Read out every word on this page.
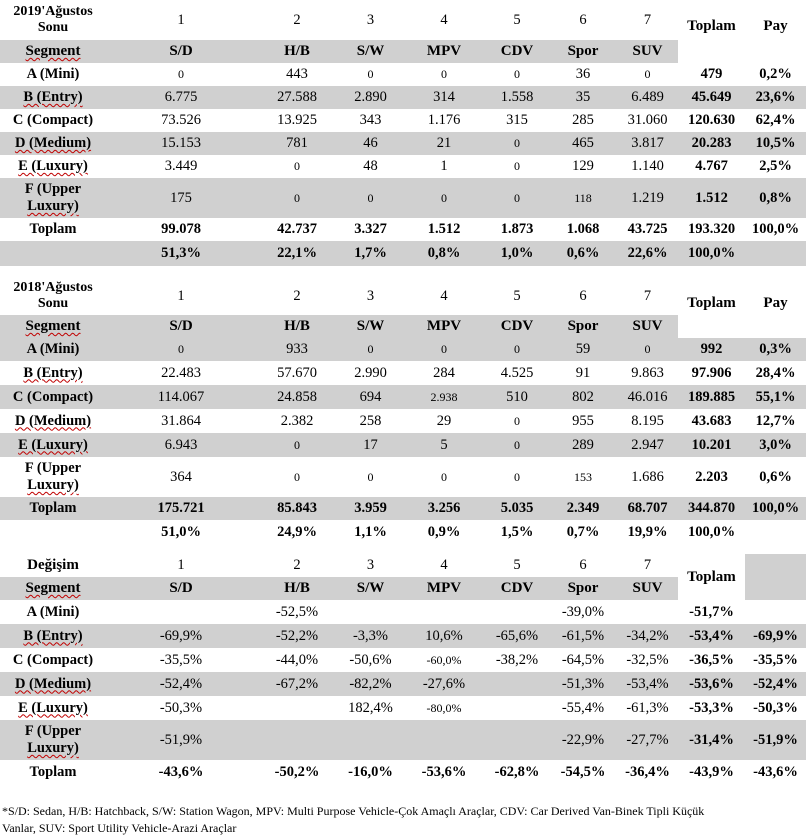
2019'Ağustos
Sonu	1	2	3	4	5	6	7	Toplam	Pay
Segment	S/D	H/B	S/W	MPV	CDV	Spor	SUV		
A (Mini)	0	443	0	0	0	36	0	479	0,2%
B (Entry)	6.775	27.588	2.890	314	1.558	35	6.489	45.649	23,6%
C (Compact)	73.526	13.925	343	1.176	315	285	31.060	120.630	62,4%
D (Medium)	15.153	781	46	21	0	465	3.817	20.283	10,5%
E (Luxury)	3.449	0	48	1	0	129	1.140	4.767	2,5%
F (Upper
Luxury)	175	0	0	0	0	118	1.219	1.512	0,8%
Toplam	99.078	42.737	3.327	1.512	1.873	1.068	43.725	193.320	100,0%
	51,3%	22,1%	1,7%	0,8%	1,0%	0,6%	22,6%	100,0%	
2018'Ağustos
Sonu	1	2	3	4	5	6	7	Toplam	Pay
Segment	S/D	H/B	S/W	MPV	CDV	Spor	SUV		
A (Mini)	0	933	0	0	0	59	0	992	0,3%
B (Entry)	22.483	57.670	2.990	284	4.525	91	9.863	97.906	28,4%
C (Compact)	114.067	24.858	694	2.938	510	802	46.016	189.885	55,1%
D (Medium)	31.864	2.382	258	29	0	955	8.195	43.683	12,7%
E (Luxury)	6.943	0	17	5	0	289	2.947	10.201	3,0%
F (Upper
Luxury)	364	0	0	0	0	153	1.686	2.203	0,6%
Toplam	175.721	85.843	3.959	3.256	5.035	2.349	68.707	344.870	100,0%
	51,0%	24,9%	1,1%	0,9%	1,5%	0,7%	19,9%	100,0%	
Değişim	1	2	3	4	5	6	7	Toplam	
Segment	S/D	H/B	S/W	MPV	CDV	Spor	SUV		
A (Mini)		-52,5%				-39,0%		-51,7%	
B (Entry)	-69,9%	-52,2%	-3,3%	10,6%	-65,6%	-61,5%	-34,2%	-53,4%	-69,9%
C (Compact)	-35,5%	-44,0%	-50,6%	-60,0%	-38,2%	-64,5%	-32,5%	-36,5%	-35,5%
D (Medium)	-52,4%	-67,2%	-82,2%	-27,6%		-51,3%	-53,4%	-53,6%	-52,4%
E (Luxury)	-50,3%		182,4%	-80,0%		-55,4%	-61,3%	-53,3%	-50,3%
F (Upper
Luxury)	-51,9%					-22,9%	-27,7%	-31,4%	-51,9%
Toplam	-43,6%	-50,2%	-16,0%	-53,6%	-62,8%	-54,5%	-36,4%	-43,9%	-43,6%
*S/D: Sedan, H/B: Hatchback, S/W: Station Wagon, MPV: Multi Purpose Vehicle-Çok Amaçlı Araçlar, CDV: Car Derived Van-Binek Tipli Küçük
Vanlar, SUV: Sport Utility Vehicle-Arazi Araçlar
